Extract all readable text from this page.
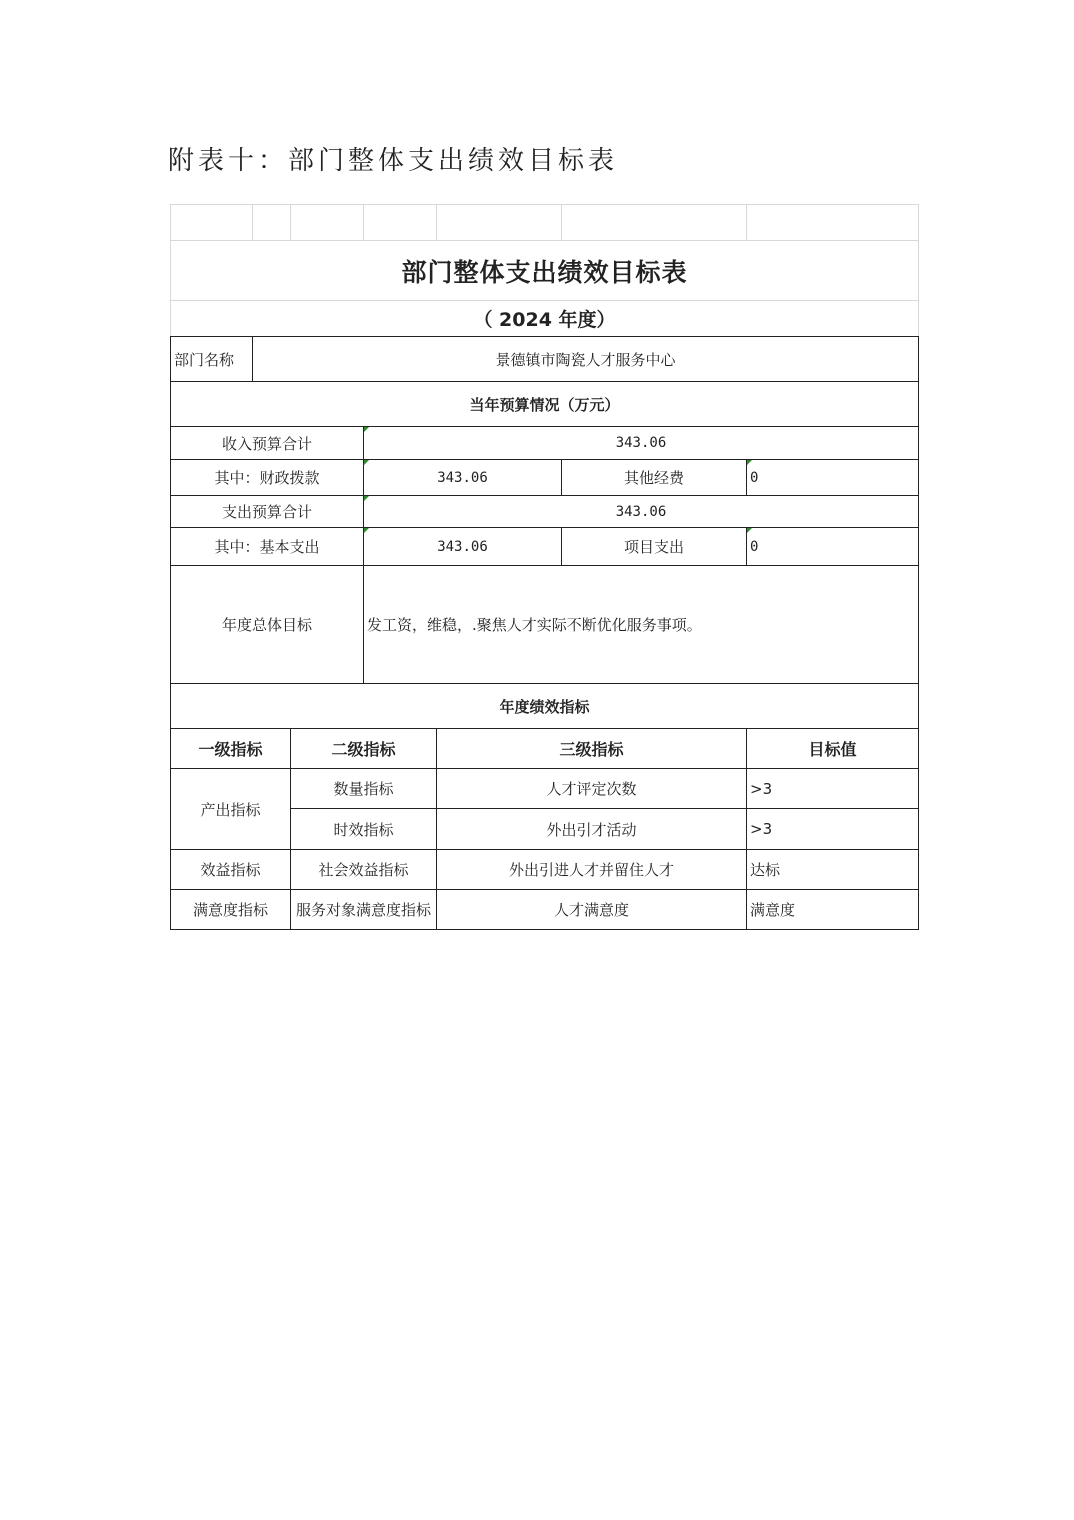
附表十：部门整体支出绩效目标表

部门整体支出绩效目标表						
（ 2024 年度）						
部门名称	景德镇市陶瓷人才服务中心					
当年预算情况（万元）						
收入预算合计			343.06			
其中：财政拨款			343.06		其他经费	0
支出预算合计			343.06			
其中：基本支出			343.06		项目支出	0
年度总体目标			发工资，维稳，.聚焦人才实际不断优化服务事项。			
年度绩效指标						
一级指标		二级指标		三级指标		目标值
产出指标		数量指标		人才评定次数		>3
		时效指标		外出引才活动		>3
效益指标		社会效益指标		外出引进人才并留住人才		达标
满意度指标		服务对象满意度指标		人才满意度		满意度
